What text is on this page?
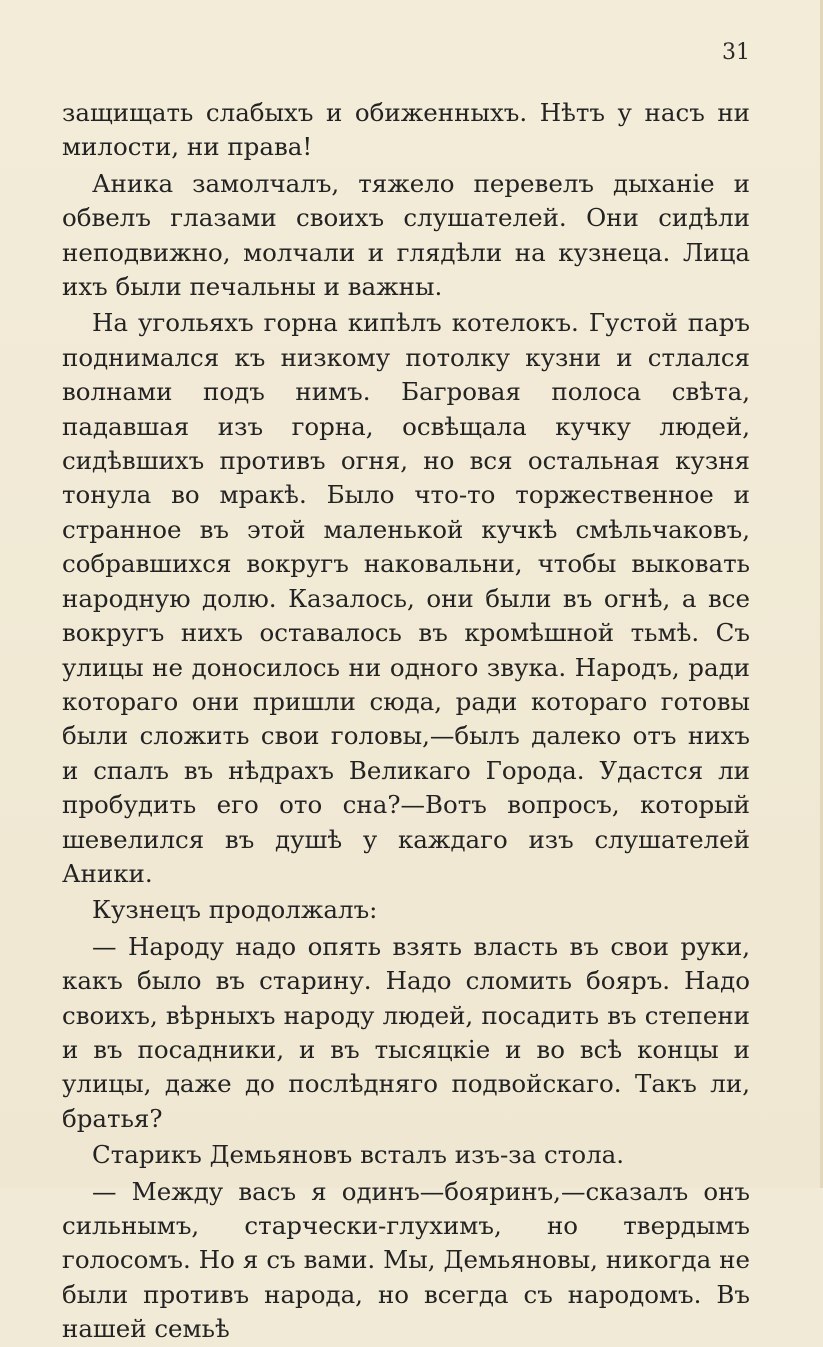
31

защищать слабыхъ и обиженныхъ. Нѣтъ у насъ ни милости, ни права!

Аника замолчалъ, тяжело перевелъ дыханіе и обвелъ глазами своихъ слушателей. Они сидѣли неподвижно, молчали и глядѣли на кузнеца. Лица ихъ были печальны и важны.

На угольяхъ горна кипѣлъ котелокъ. Густой паръ поднимался къ низкому потолку кузни и стлался волнами подъ нимъ. Багровая полоса свѣта, падавшая изъ горна, освѣщала кучку людей, сидѣвшихъ противъ огня, но вся остальная кузня тонула во мракѣ. Было что-то торжественное и странное въ этой маленькой кучкѣ смѣльчаковъ, собравшихся вокругъ наковальни, чтобы выковать народную долю. Казалось, они были въ огнѣ, а все вокругъ нихъ оставалось въ кромѣшной тьмѣ. Съ улицы не доносилось ни одного звука. Народъ, ради котораго они пришли сюда, ради котораго готовы были сложить свои головы,—былъ далеко отъ нихъ и спалъ въ нѣдрахъ Великаго Города. Удастся ли пробудить его ото сна?—Вотъ вопросъ, который шевелился въ душѣ у каждаго изъ слушателей Аники.

Кузнецъ продолжалъ:

— Народу надо опять взять власть въ свои руки, какъ было въ старину. Надо сломить бояръ. Надо своихъ, вѣрныхъ народу людей, посадить въ степени и въ посадники, и въ тысяцкіе и во всѣ концы и улицы, даже до послѣдняго подвойскаго. Такъ ли, братья?

Старикъ Демьяновъ всталъ изъ-за стола.

— Между васъ я одинъ—бояринъ,—сказалъ онъ сильнымъ, старчески-глухимъ, но твердымъ голосомъ. Но я съ вами. Мы, Демьяновы, никогда не были противъ народа, но всегда съ народомъ. Въ нашей семьѣ
